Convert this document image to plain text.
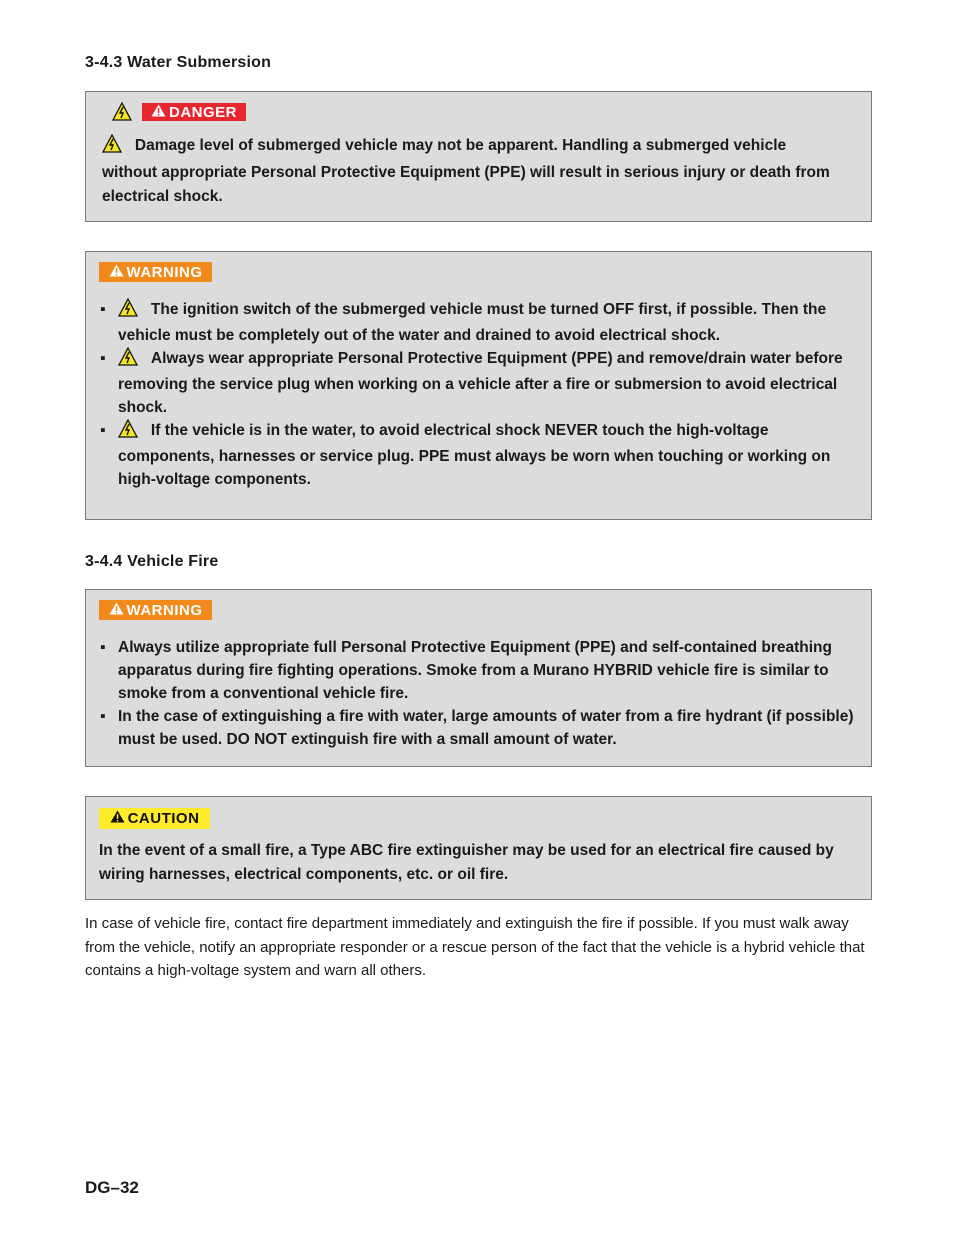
3-4.3 Water Submersion
DANGER
Damage level of submerged vehicle may not be apparent. Handling a submerged vehicle without appropriate Personal Protective Equipment (PPE) will result in serious injury or death from electrical shock.
WARNING
▪	The ignition switch of the submerged vehicle must be turned OFF first, if possible. Then the vehicle must be completely out of the water and drained to avoid electrical shock.
▪	Always wear appropriate Personal Protective Equipment (PPE) and remove/drain water before removing the service plug when working on a vehicle after a fire or submersion to avoid electrical shock.
▪	If the vehicle is in the water, to avoid electrical shock NEVER touch the high-voltage components, harnesses or service plug. PPE must always be worn when touching or working on high-voltage components.
3-4.4 Vehicle Fire
WARNING
▪ Always utilize appropriate full Personal Protective Equipment (PPE) and self-contained breathing apparatus during fire fighting operations. Smoke from a Murano HYBRID vehicle fire is similar to smoke from a conventional vehicle fire.
▪ In the case of extinguishing a fire with water, large amounts of water from a fire hydrant (if possible) must be used. DO NOT extinguish fire with a small amount of water.
CAUTION
In the event of a small fire, a Type ABC fire extinguisher may be used for an electrical fire caused by wiring harnesses, electrical components, etc. or oil fire.
In case of vehicle fire, contact fire department immediately and extinguish the fire if possible. If you must walk away from the vehicle, notify an appropriate responder or a rescue person of the fact that the vehicle is a hybrid vehicle that contains a high-voltage system and warn all others.
DG–32
